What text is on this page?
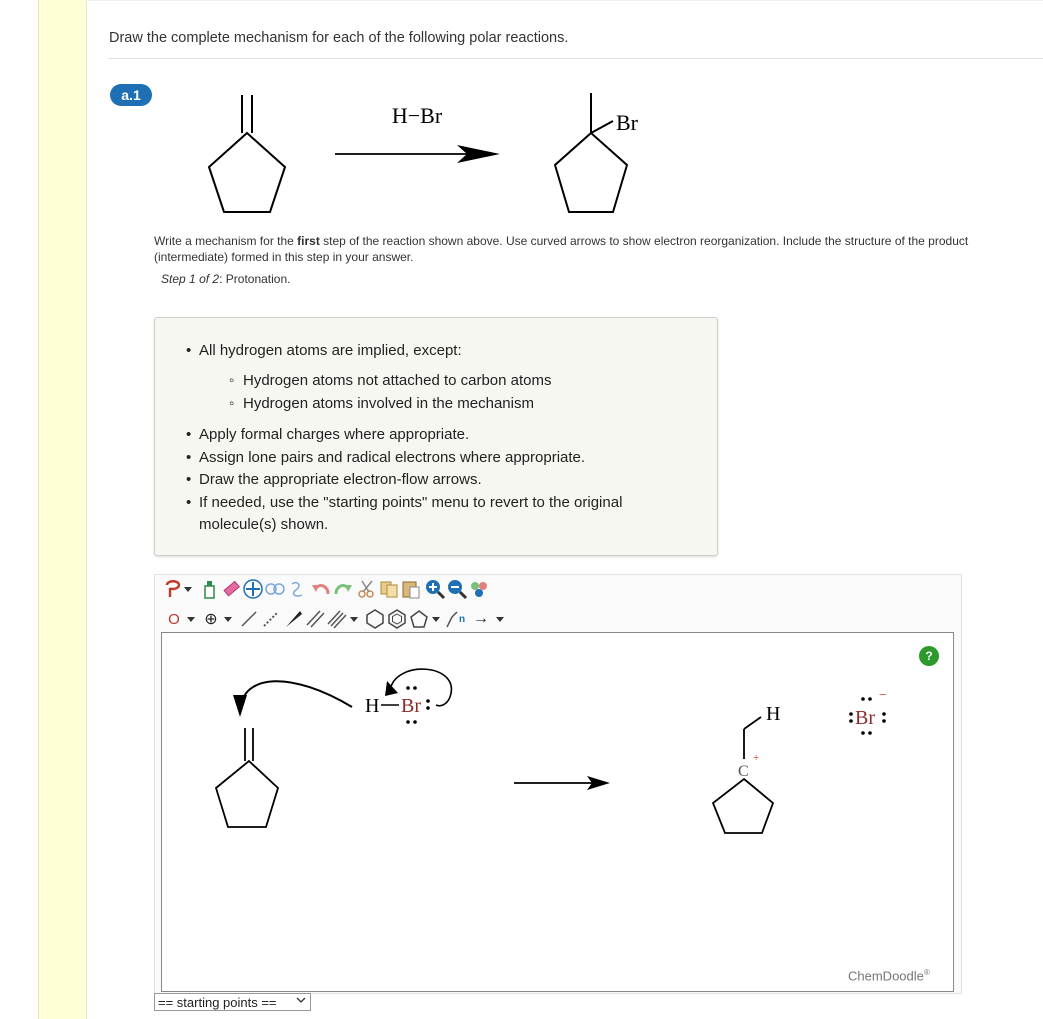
Draw the complete mechanism for each of the following polar reactions.
a.1
H−Br	Br
Write a mechanism for the first step of the reaction shown above. Use curved arrows to show electron reorganization. Include the structure of the product (intermediate) formed in this step in your answer.
Step 1 of 2: Protonation.
• All hydrogen atoms are implied, except:
◦ Hydrogen atoms not attached to carbon atoms
◦ Hydrogen atoms involved in the mechanism
• Apply formal charges where appropriate.
• Assign lone pairs and radical electrons where appropriate.
• Draw the appropriate electron-flow arrows.
• If needed, use the "starting points" menu to revert to the original molecule(s) shown.
O ⊕	n →
H Br
C
+
H	Br
−
?
ChemDoodle®
== starting points ==
